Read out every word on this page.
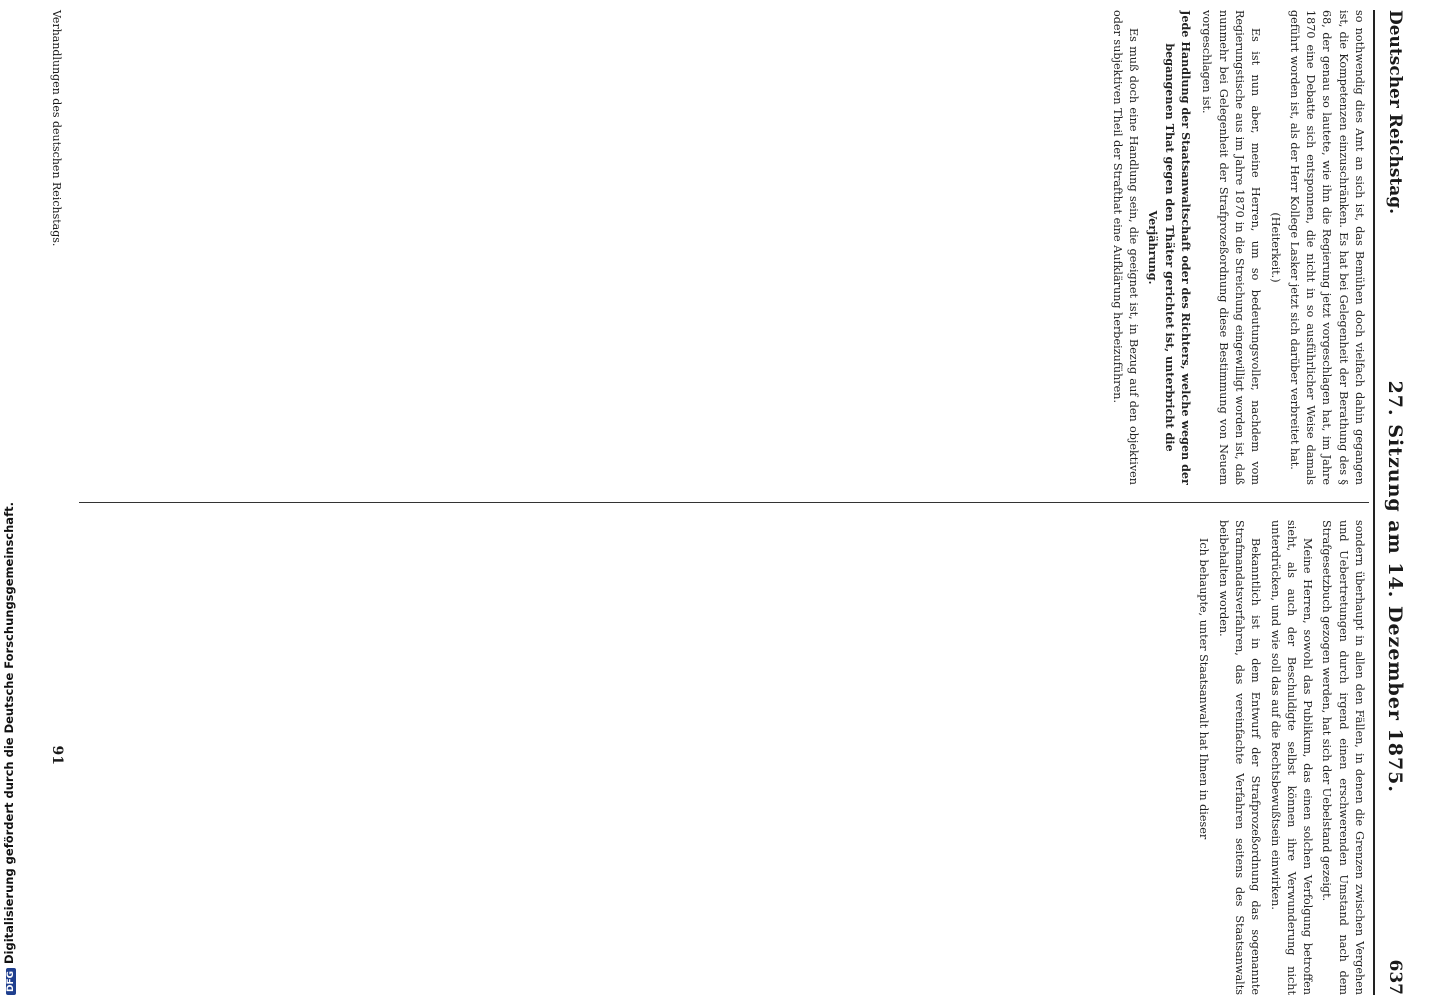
Deutscher Reichstag.
27. Sitzung am 14. Dezember 1875.
637

so nothwendig dies Amt an sich ist, das Bemühen doch vielfach dahin gegangen ist, die Kompetenzen einzuschränken. Es hat bei Gelegenheit der Berathung des § 68, der genau so lautete, wie ihn die Regierung jetzt vorgeschlagen hat, im Jahre 1870 eine Debatte sich entsponnen, die nicht in so ausführlicher Weise damals geführt worden ist, als der Herr Kollege Lasker jetzt sich darüber verbreitet hat.

(Heiterkeit.)

Es ist nun aber, meine Herren, um so bedeutungsvoller, nachdem vom Regierungstische aus im Jahre 1870 in die Streichung eingewilligt worden ist, daß nunmehr bei Gelegenheit der Strafprozeßordnung diese Bestimmung von Neuem vorgeschlagen ist.

Jede Handlung der Staatsanwaltschaft oder des Richters, welche wegen der begangenen That gegen den Thäter gerichtet ist, unterbricht die Verjährung.

Es muß doch eine Handlung sein, die geeignet ist, in Bezug auf den objektiven oder subjektiven Theil der Strafthat eine Aufklärung herbeizuführen.

sondern überhaupt in allen den Fällen, in denen die Grenzen zwischen Vergehen und Uebertretungen durch irgend einen erschwerenden Umstand nach dem Strafgesetzbuch gezogen werden, hat sich der Uebelstand gezeigt.

Meine Herren, sowohl das Publikum, das einen solchen Verfolgung betroffen sieht, als auch der Beschuldigte selbst können ihre Verwunderung nicht unterdrücken, und wie soll das auf die Rechtsbewußtsein einwirken.

Bekanntlich ist in dem Entwurf der Strafprozeßordnung das sogenannte Strafmandatsverfahren, das vereinfachte Verfahren seitens des Staatsanwalts beibehalten worden.

Ich behaupte, unter Staatsanwalt hat Ihnen in dieser

Verhandlungen des deutschen Reichstags.
91
DFGDigitalisierung gefördert durch die Deutsche Forschungsgemeinschaft.
